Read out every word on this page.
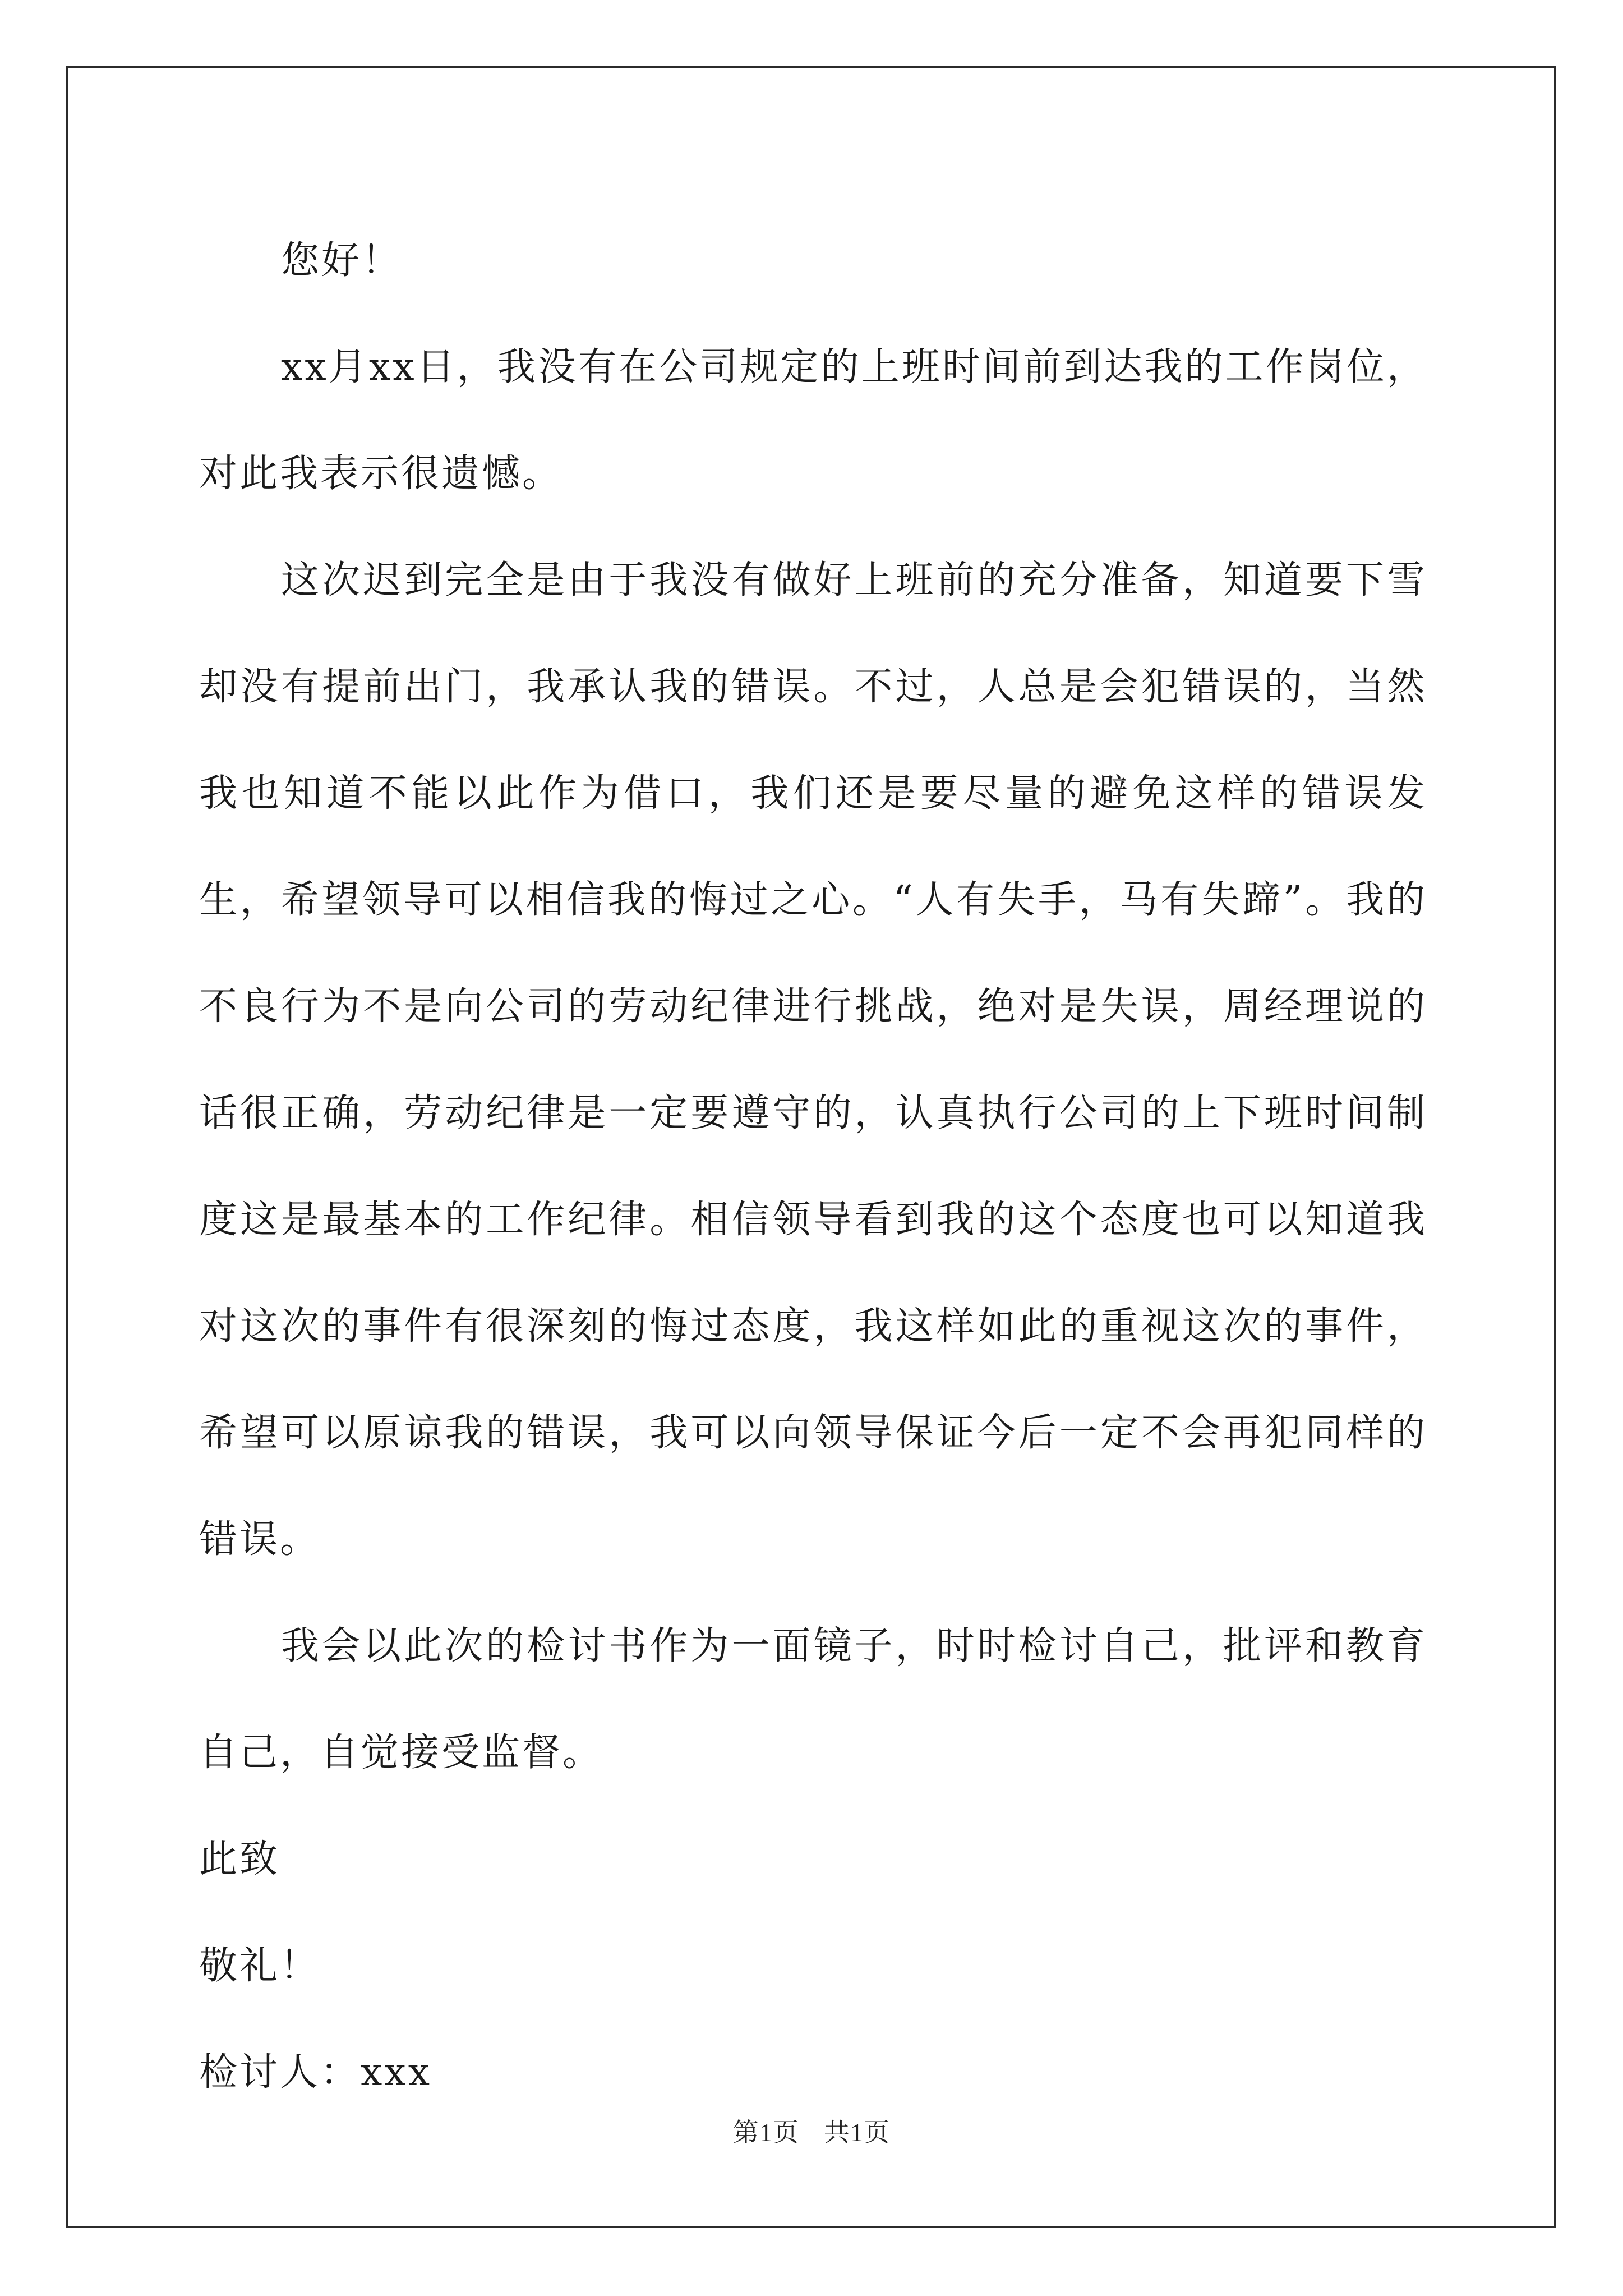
您好！

xx月xx日，我没有在公司规定的上班时间前到达我的工作岗位，对此我表示很遗憾。

这次迟到完全是由于我没有做好上班前的充分准备，知道要下雪却没有提前出门，我承认我的错误。不过，人总是会犯错误的，当然我也知道不能以此作为借口，我们还是要尽量的避免这样的错误发生，希望领导可以相信我的悔过之心。“人有失手，马有失蹄”。我的不良行为不是向公司的劳动纪律进行挑战，绝对是失误，周经理说的话很正确，劳动纪律是一定要遵守的，认真执行公司的上下班时间制度这是最基本的工作纪律。相信领导看到我的这个态度也可以知道我对这次的事件有很深刻的悔过态度，我这样如此的重视这次的事件，希望可以原谅我的错误，我可以向领导保证今后一定不会再犯同样的错误。

我会以此次的检讨书作为一面镜子，时时检讨自己，批评和教育自己，自觉接受监督。

此致

敬礼！

检讨人：xxx

第1页 共1页
